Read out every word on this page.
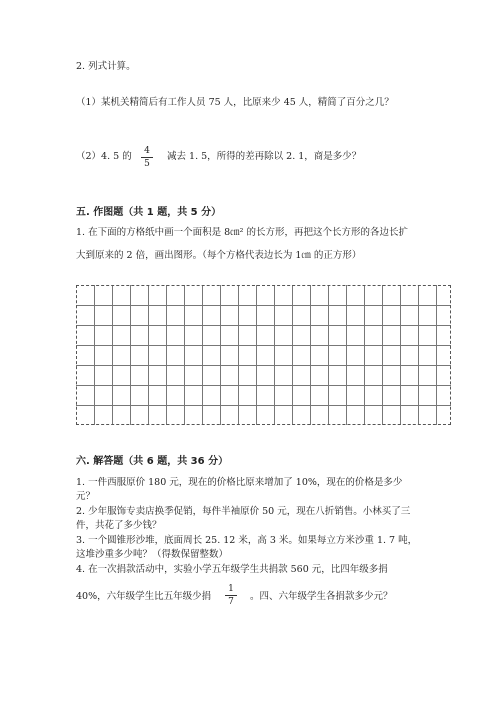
2. 列式计算。
（1）某机关精简后有工作人员 75 人，比原来少 45 人，精简了百分之几？
（2）4. 5 的	4
5
减去 1. 5，所得的差再除以 2. 1，商是多少？
五. 作图题（共 1 题，共 5 分）
1. 在下面的方格纸中画一个面积是 8㎝² 的长方形，再把这个长方形的各边长扩
大到原来的 2 倍，画出图形。（每个方格代表边长为 1㎝ 的正方形）
六. 解答题（共 6 题，共 36 分）
1. 一件西服原价 180 元，现在的价格比原来增加了 10%，现在的价格是多少
元？
2. 少年服饰专卖店换季促销，每件半袖原价 50 元，现在八折销售。小林买了三
件，共花了多少钱？
3. 一个圆锥形沙堆，底面周长 25. 12 米，高 3 米。如果每立方米沙重 1. 7 吨，
这堆沙重多少吨？（得数保留整数）
4. 在一次捐款活动中，实验小学五年级学生共捐款 560 元，比四年级多捐
40%，六年级学生比五年级少捐
1
7	。四、六年级学生各捐款多少元？
